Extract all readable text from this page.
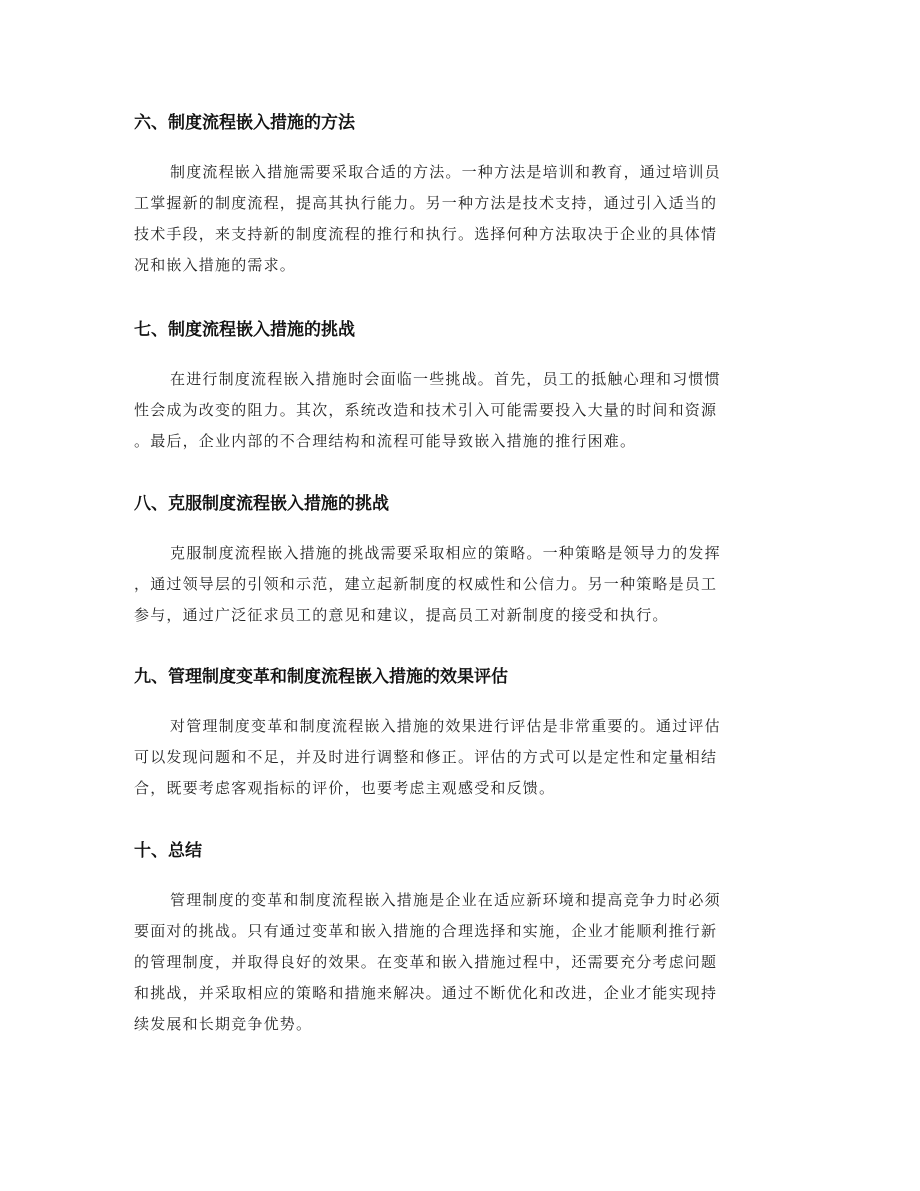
六、制度流程嵌入措施的方法

制度流程嵌入措施需要采取合适的方法。一种方法是培训和教育，通过培训员
工掌握新的制度流程，提高其执行能力。另一种方法是技术支持，通过引入适当的
技术手段，来支持新的制度流程的推行和执行。选择何种方法取决于企业的具体情
况和嵌入措施的需求。

七、制度流程嵌入措施的挑战

在进行制度流程嵌入措施时会面临一些挑战。首先，员工的抵触心理和习惯惯
性会成为改变的阻力。其次，系统改造和技术引入可能需要投入大量的时间和资源
。最后，企业内部的不合理结构和流程可能导致嵌入措施的推行困难。

八、克服制度流程嵌入措施的挑战

克服制度流程嵌入措施的挑战需要采取相应的策略。一种策略是领导力的发挥
，通过领导层的引领和示范，建立起新制度的权威性和公信力。另一种策略是员工
参与，通过广泛征求员工的意见和建议，提高员工对新制度的接受和执行。

九、管理制度变革和制度流程嵌入措施的效果评估

对管理制度变革和制度流程嵌入措施的效果进行评估是非常重要的。通过评估
可以发现问题和不足，并及时进行调整和修正。评估的方式可以是定性和定量相结
合，既要考虑客观指标的评价，也要考虑主观感受和反馈。

十、总结

管理制度的变革和制度流程嵌入措施是企业在适应新环境和提高竞争力时必须
要面对的挑战。只有通过变革和嵌入措施的合理选择和实施，企业才能顺利推行新
的管理制度，并取得良好的效果。在变革和嵌入措施过程中，还需要充分考虑问题
和挑战，并采取相应的策略和措施来解决。通过不断优化和改进，企业才能实现持
续发展和长期竞争优势。
